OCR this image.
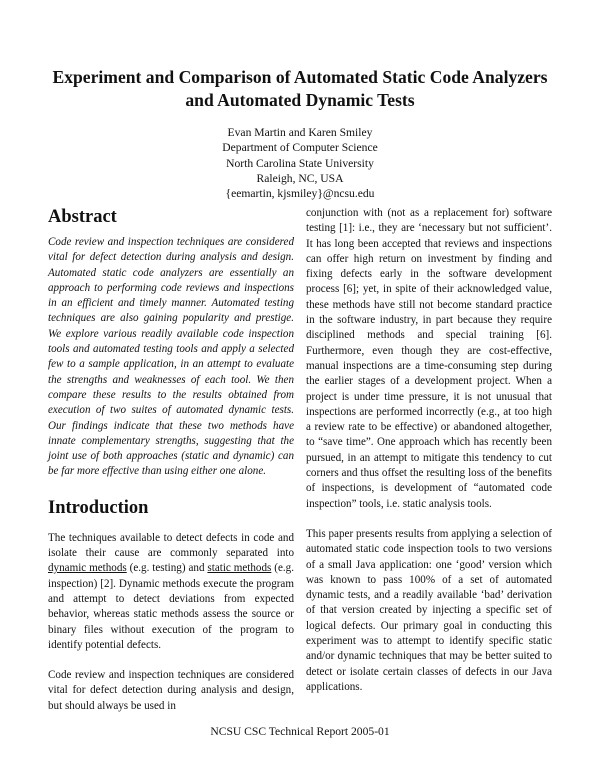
Experiment and Comparison of Automated Static Code Analyzers
and Automated Dynamic Tests
Evan Martin and Karen Smiley
Department of Computer Science
North Carolina State University
Raleigh, NC, USA
{eemartin, kjsmiley}@ncsu.edu
Abstract

Code review and inspection techniques are considered vital for defect detection during analysis and design. Automated static code analyzers are essentially an approach to performing code reviews and inspections in an efficient and timely manner. Automated testing techniques are also gaining popularity and prestige. We explore various readily available code inspection tools and automated testing tools and apply a selected few to a sample application, in an attempt to evaluate the strengths and weaknesses of each tool. We then compare these results to the results obtained from execution of two suites of automated dynamic tests. Our findings indicate that these two methods have innate complementary strengths, suggesting that the joint use of both approaches (static and dynamic) can be far more effective than using either one alone.

Introduction

The techniques available to detect defects in code and isolate their cause are commonly separated into dynamic methods (e.g. testing) and static methods (e.g. inspection) [2]. Dynamic methods execute the program and attempt to detect deviations from expected behavior, whereas static methods assess the source or binary files without execution of the program to identify potential defects.

Code review and inspection techniques are considered vital for defect detection during analysis and design, but should always be used in

conjunction with (not as a replacement for) software testing [1]: i.e., they are ‘necessary but not sufficient’. It has long been accepted that reviews and inspections can offer high return on investment by finding and fixing defects early in the software development process [6]; yet, in spite of their acknowledged value, these methods have still not become standard practice in the software industry, in part because they require disciplined methods and special training [6]. Furthermore, even though they are cost-effective, manual inspections are a time-consuming step during the earlier stages of a development project. When a project is under time pressure, it is not unusual that inspections are performed incorrectly (e.g., at too high a review rate to be effective) or abandoned altogether, to “save time”. One approach which has recently been pursued, in an attempt to mitigate this tendency to cut corners and thus offset the resulting loss of the benefits of inspections, is development of “automated code inspection” tools, i.e. static analysis tools.

This paper presents results from applying a selection of automated static code inspection tools to two versions of a small Java application: one ‘good’ version which was known to pass 100% of a set of automated dynamic tests, and a readily available ‘bad’ derivation of that version created by injecting a specific set of logical defects. Our primary goal in conducting this experiment was to attempt to identify specific static and/or dynamic techniques that may be better suited to detect or isolate certain classes of defects in our Java applications.

NCSU CSC Technical Report 2005-01
